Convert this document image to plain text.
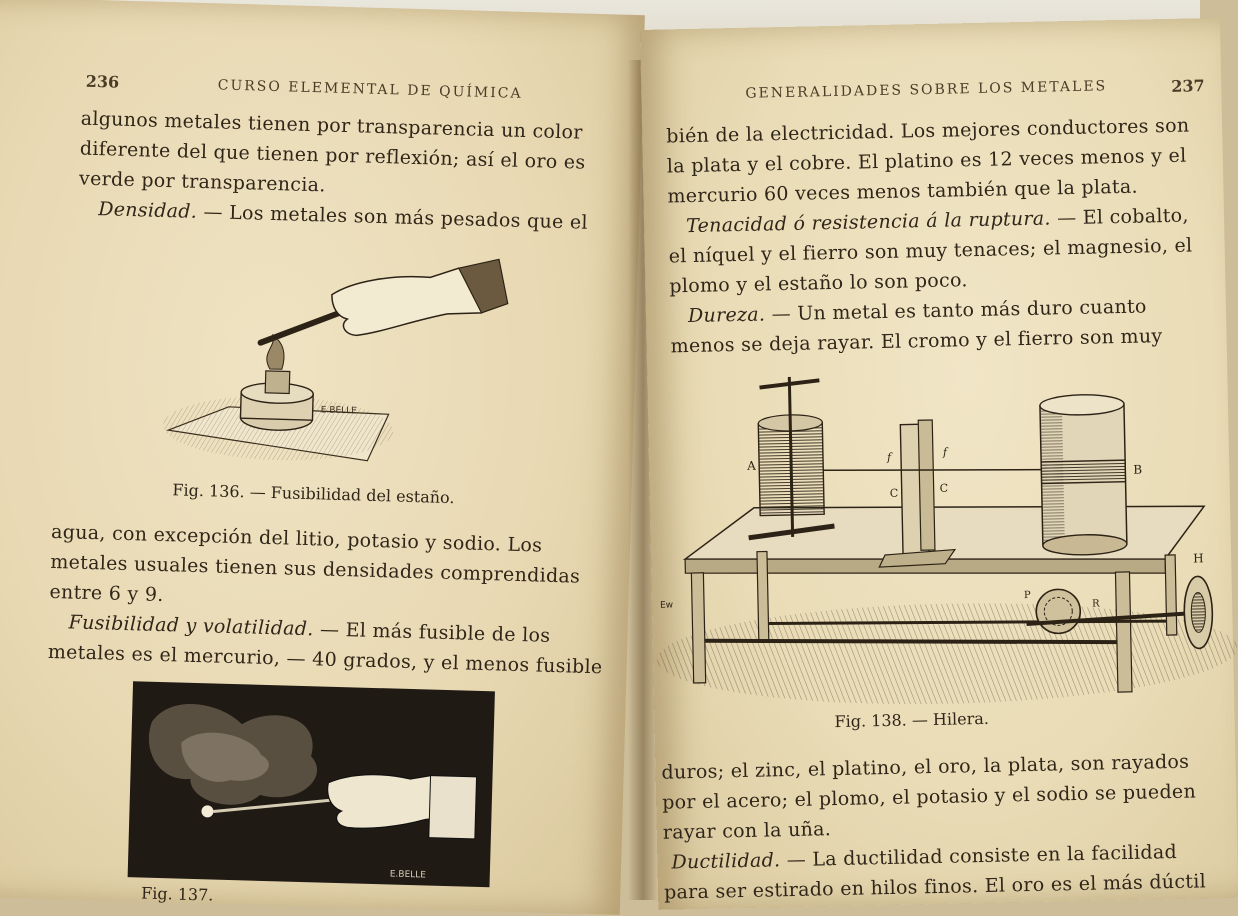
236	CURSO ELEMENTAL DE QUÍMICA
algunos metales tienen por transparencia un color
diferente del que tienen por reflexión; así el oro es
verde por transparencia.
Densidad. — Los metales son más pesados que el
E.BELLE
Fig. 136. — Fusibilidad del estaño.
agua, con excepción del litio, potasio y sodio. Los
metales usuales tienen sus densidades comprendidas
entre 6 y 9.
Fusibilidad y volatilidad. — El más fusible de los
metales es el mercurio, — 40 grados, y el menos fusible
E.BELLE
Fig. 137.
GENERALIDADES SOBRE LOS METALES	237
bién de la electricidad. Los mejores conductores son
la plata y el cobre. El platino es 12 veces menos y el
mercurio 60 veces menos también que la plata.
Tenacidad ó resistencia á la ruptura. — El cobalto,
el níquel y el fierro son muy tenaces; el magnesio, el
plomo y el estaño lo son poco.
Dureza. — Un metal es tanto más duro cuanto
menos se deja rayar. El cromo y el fierro son muy
A	B
C	C
f	f
P
R
H
Ew
Fig. 138. — Hilera.
duros; el zinc, el platino, el oro, la plata, son rayados
por el acero; el plomo, el potasio y el sodio se pueden
rayar con la uña.
Ductilidad. — La ductilidad consiste en la facilidad
para ser estirado en hilos finos. El oro es el más dúctil
